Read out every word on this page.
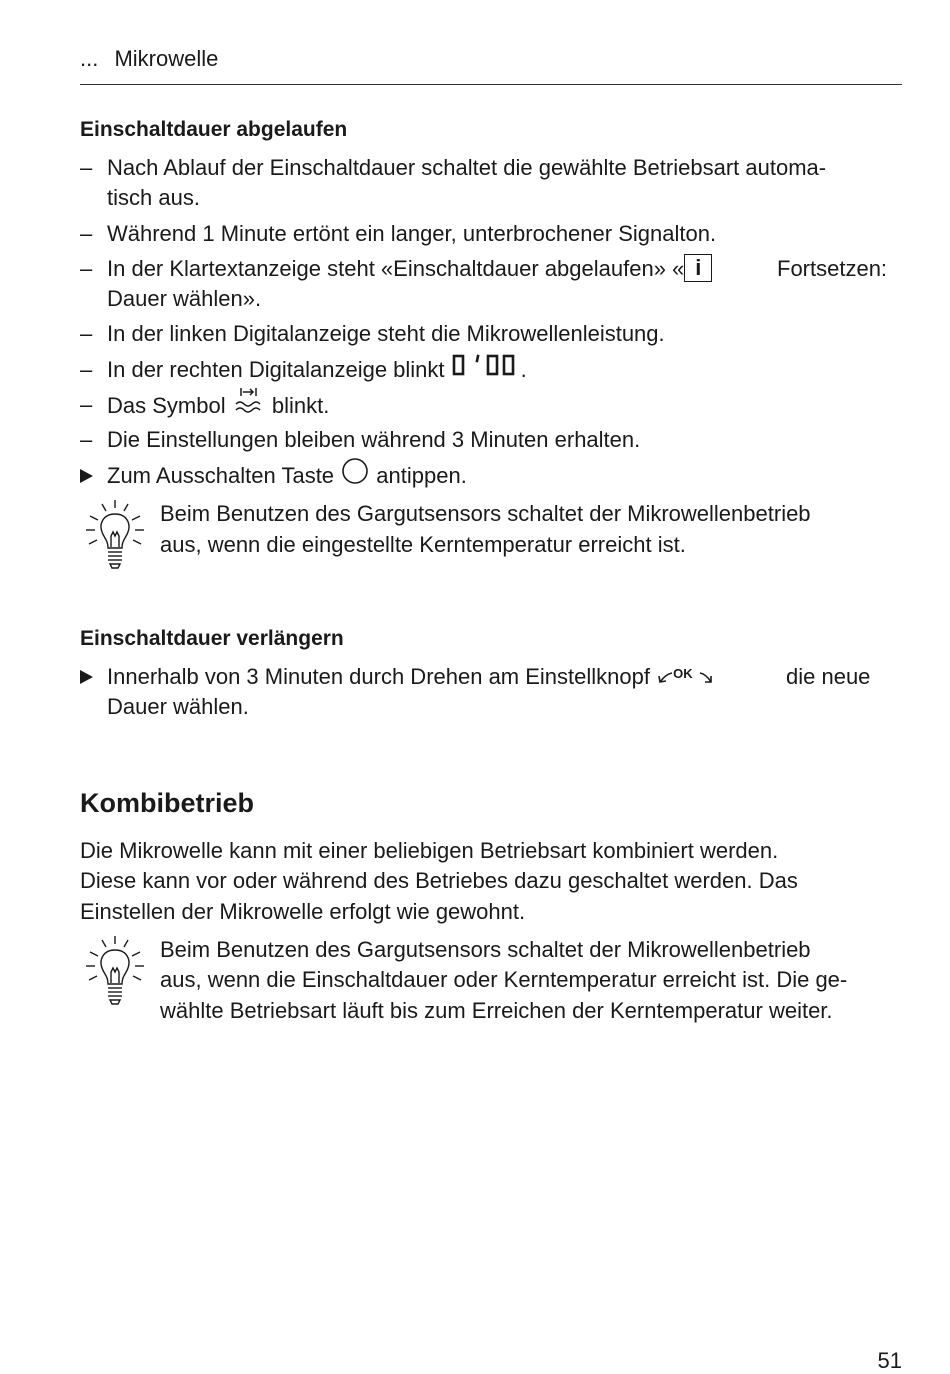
... Mikrowelle
Einschaltdauer abgelaufen
– Nach Ablauf der Einschaltdauer schaltet die gewählte Betriebsart automa-
tisch aus.
– Während 1 Minute ertönt ein langer, unterbrochener Signalton.
– In der Klartextanzeige steht «Einschaltdauer abgelaufen» « i	Fortsetzen:
Dauer wählen».
– In der linken Digitalanzeige steht die Mikrowellenleistung.
– In der rechten Digitalanzeige blinkt	.
– Das Symbol blinkt.
– Die Einstellungen bleiben während 3 Minuten erhalten.
Zum Ausschalten Taste antippen.
Beim Benutzen des Gargutsensors schaltet der Mikrowellenbetrieb
aus, wenn die eingestellte Kerntemperatur erreicht ist.
Einschaltdauer verlängern
Innerhalb von 3 Minuten durch Drehen am Einstellknopf OK	die neue
Dauer wählen.
Kombibetrieb
Die Mikrowelle kann mit einer beliebigen Betriebsart kombiniert werden.
Diese kann vor oder während des Betriebes dazu geschaltet werden. Das
Einstellen der Mikrowelle erfolgt wie gewohnt.
Beim Benutzen des Gargutsensors schaltet der Mikrowellenbetrieb
aus, wenn die Einschaltdauer oder Kerntemperatur erreicht ist. Die ge-
wählte Betriebsart läuft bis zum Erreichen der Kerntemperatur weiter.
51
